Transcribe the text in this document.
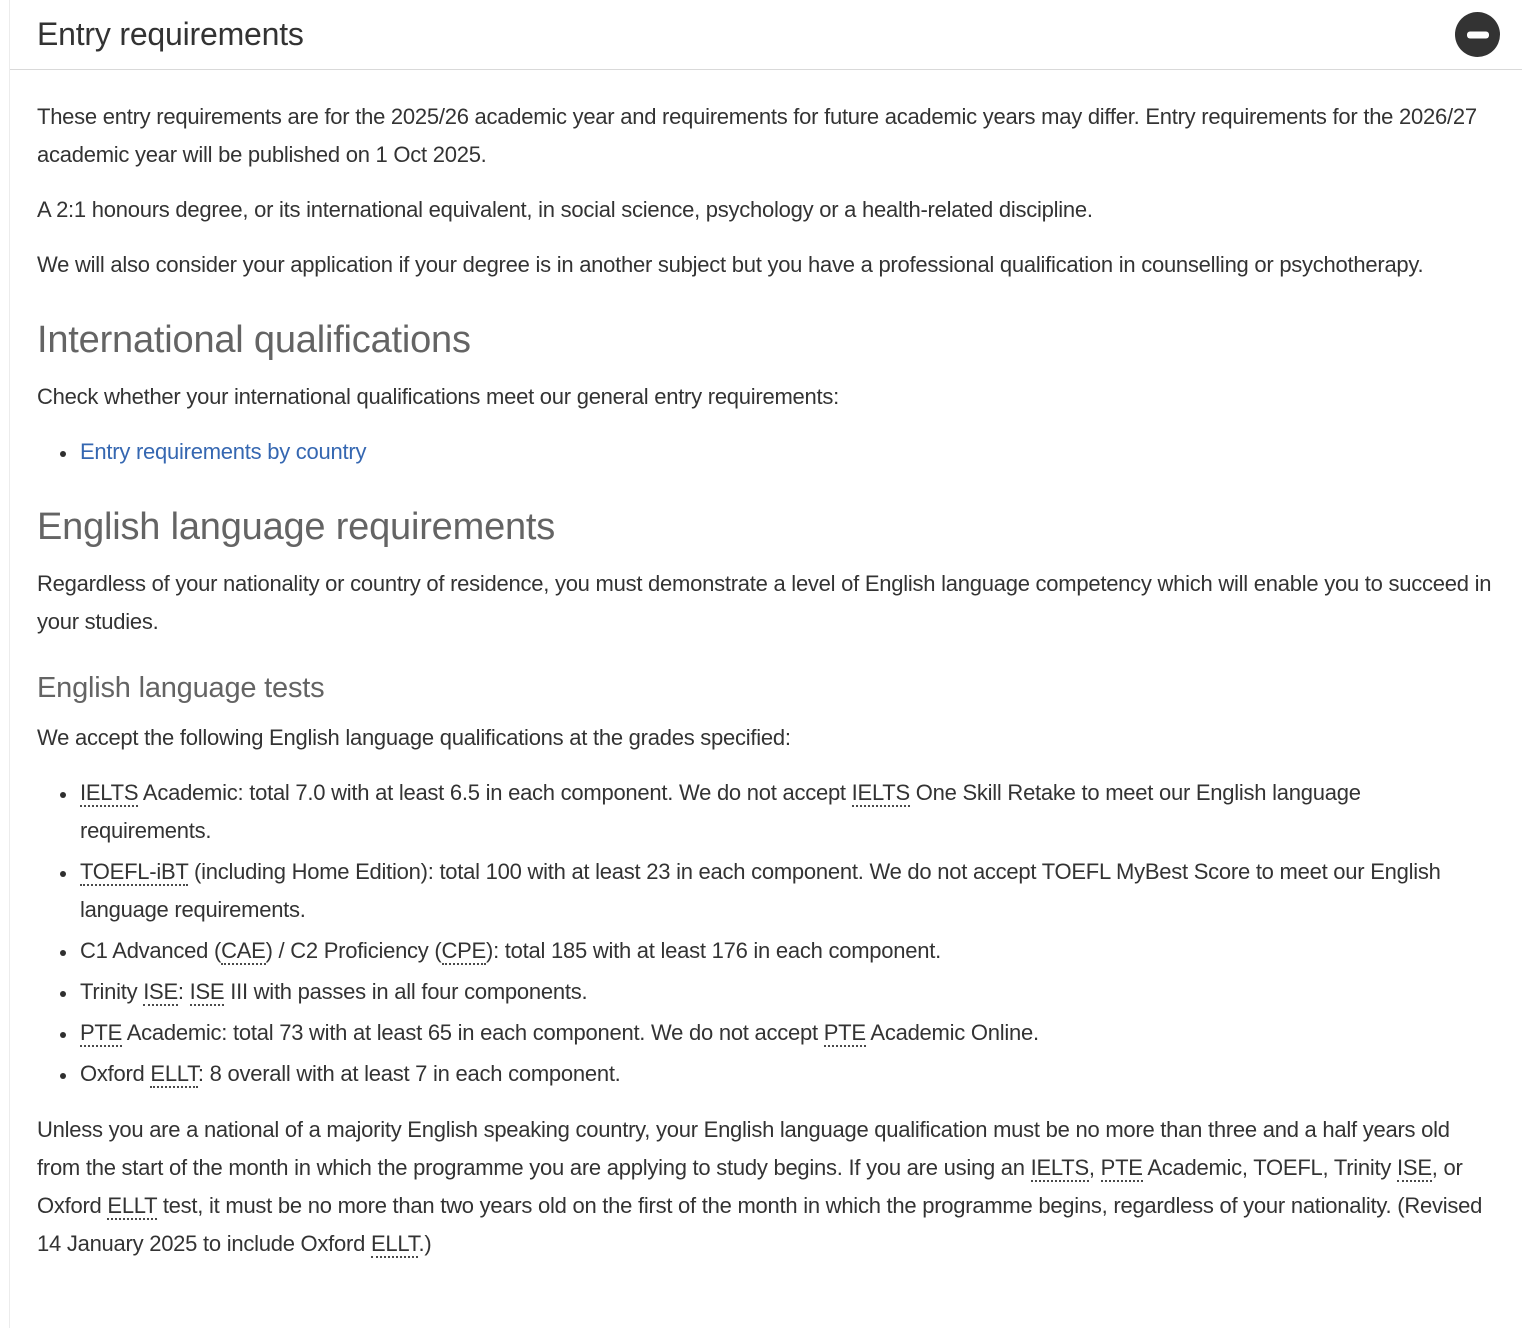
Entry requirements

These entry requirements are for the 2025/26 academic year and requirements for future academic years may differ. Entry requirements for the 2026/27 academic year will be published on 1 Oct 2025.

A 2:1 honours degree, or its international equivalent, in social science, psychology or a health-related discipline.

We will also consider your application if your degree is in another subject but you have a professional qualification in counselling or psychotherapy.

International qualifications

Check whether your international qualifications meet our general entry requirements:

• Entry requirements by country
English language requirements

Regardless of your nationality or country of residence, you must demonstrate a level of English language competency which will enable you to succeed in your studies.

English language tests

We accept the following English language qualifications at the grades specified:

• IELTS Academic: total 7.0 with at least 6.5 in each component. We do not accept IELTS One Skill Retake to meet our English language requirements.
• TOEFL-iBT (including Home Edition): total 100 with at least 23 in each component. We do not accept TOEFL MyBest Score to meet our English language requirements.
• C1 Advanced (CAE) / C2 Proficiency (CPE): total 185 with at least 176 in each component.
• Trinity ISE: ISE III with passes in all four components.
• PTE Academic: total 73 with at least 65 in each component. We do not accept PTE Academic Online.
• Oxford ELLT: 8 overall with at least 7 in each component.

Unless you are a national of a majority English speaking country, your English language qualification must be no more than three and a half years old from the start of the month in which the programme you are applying to study begins. If you are using an IELTS, PTE Academic, TOEFL, Trinity ISE, or Oxford ELLT test, it must be no more than two years old on the first of the month in which the programme begins, regardless of your nationality. (Revised 14 January 2025 to include Oxford ELLT.)
